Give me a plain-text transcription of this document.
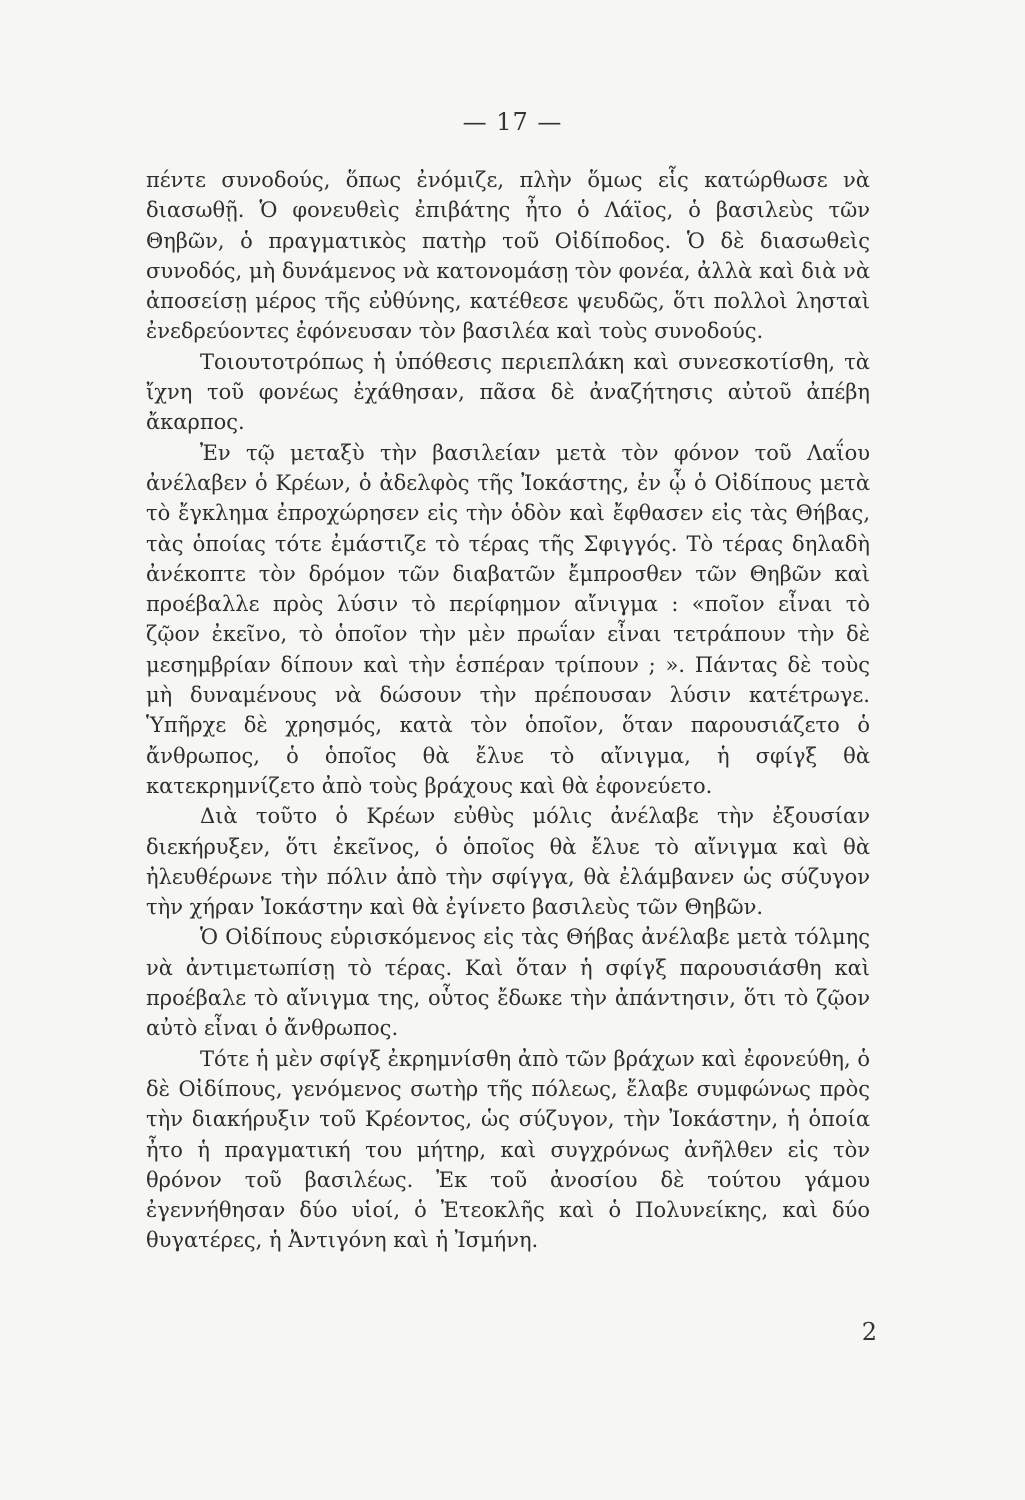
— 17 —

πέντε συνοδούς, ὅπως ἐνόμιζε, πλὴν ὅμως εἷς κατώρθωσε νὰ διασωθῇ. Ὁ φονευθεὶς ἐπιβάτης ἦτο ὁ Λάϊος, ὁ βασιλεὺς τῶν Θηβῶν, ὁ πραγματικὸς πατὴρ τοῦ Οἰδίποδος. Ὁ δὲ διασωθεὶς συνοδός, μὴ δυνάμενος νὰ κατονομάσῃ τὸν φονέα, ἀλλὰ καὶ διὰ νὰ ἀποσείσῃ μέρος τῆς εὐθύνης, κατέθεσε ψευδῶς, ὅτι πολλοὶ λησταὶ ἐνεδρεύοντες ἐφόνευσαν τὸν βασιλέα καὶ τοὺς συνοδούς.

Τοιουτοτρόπως ἡ ὑπόθεσις περιεπλάκη καὶ συνεσκοτίσθη, τὰ ἴχνη τοῦ φονέως ἐχάθησαν, πᾶσα δὲ ἀναζήτησις αὐτοῦ ἀπέβη ἄκαρπος.

Ἐν τῷ μεταξὺ τὴν βασιλείαν μετὰ τὸν φόνον τοῦ Λαΐου ἀνέλαβεν ὁ Κρέων, ὁ ἀδελφὸς τῆς Ἰοκάστης, ἐν ᾧ ὁ Οἰδίπους μετὰ τὸ ἔγκλημα ἐπροχώρησεν εἰς τὴν ὁδὸν καὶ ἔφθασεν εἰς τὰς Θήβας, τὰς ὁποίας τότε ἐμάστιζε τὸ τέρας τῆς Σφιγγός. Τὸ τέρας δηλαδὴ ἀνέκοπτε τὸν δρόμον τῶν διαβατῶν ἔμπροσθεν τῶν Θηβῶν καὶ προέβαλλε πρὸς λύσιν τὸ περίφημον αἴνιγμα : «ποῖον εἶναι τὸ ζῷον ἐκεῖνο, τὸ ὁποῖον τὴν μὲν πρωΐαν εἶναι τετράπουν τὴν δὲ μεσημβρίαν δίπουν καὶ τὴν ἑσπέραν τρίπουν ; ». Πάντας δὲ τοὺς μὴ δυναμένους νὰ δώσουν τὴν πρέπουσαν λύσιν κατέτρωγε. Ὑπῆρχε δὲ χρησμός, κατὰ τὸν ὁποῖον, ὅταν παρουσιάζετο ὁ ἄνθρωπος, ὁ ὁποῖος θὰ ἔλυε τὸ αἴνιγμα, ἡ σφίγξ θὰ κατεκρημνίζετο ἀπὸ τοὺς βράχους καὶ θὰ ἐφονεύετο.

Διὰ τοῦτο ὁ Κρέων εὐθὺς μόλις ἀνέλαβε τὴν ἐξουσίαν διεκήρυξεν, ὅτι ἐκεῖνος, ὁ ὁποῖος θὰ ἔλυε τὸ αἴνιγμα καὶ θὰ ἠλευθέρωνε τὴν πόλιν ἀπὸ τὴν σφίγγα, θὰ ἐλάμβανεν ὡς σύζυγον τὴν χήραν Ἰοκάστην καὶ θὰ ἐγίνετο βασιλεὺς τῶν Θηβῶν.

Ὁ Οἰδίπους εὑρισκόμενος εἰς τὰς Θήβας ἀνέλαβε μετὰ τόλμης νὰ ἀντιμετωπίσῃ τὸ τέρας. Καὶ ὅταν ἡ σφίγξ παρουσιάσθη καὶ προέβαλε τὸ αἴνιγμα της, οὗτος ἔδωκε τὴν ἀπάντησιν, ὅτι τὸ ζῷον αὐτὸ εἶναι ὁ ἄνθρωπος.

Τότε ἡ μὲν σφίγξ ἐκρημνίσθη ἀπὸ τῶν βράχων καὶ ἐφονεύθη, ὁ δὲ Οἰδίπους, γενόμενος σωτὴρ τῆς πόλεως, ἔλαβε συμφώνως πρὸς τὴν διακήρυξιν τοῦ Κρέοντος, ὡς σύζυγον, τὴν Ἰοκάστην, ἡ ὁποία ἦτο ἡ πραγματική του μήτηρ, καὶ συγχρόνως ἀνῆλθεν εἰς τὸν θρόνον τοῦ βασιλέως. Ἐκ τοῦ ἀνοσίου δὲ τούτου γάμου ἐγεννήθησαν δύο υἱοί, ὁ Ἐτεοκλῆς καὶ ὁ Πολυνείκης, καὶ δύο θυγατέρες, ἡ Ἀντιγόνη καὶ ἡ Ἰσμήνη.

2
